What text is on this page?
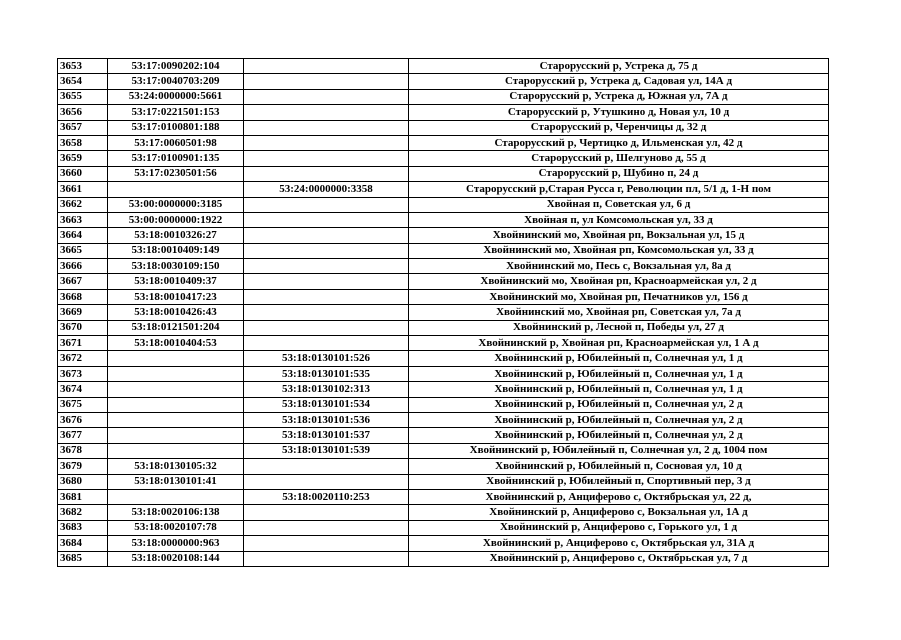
3653	53:17:0090202:104		Старорусский р, Устрека д, 75 д
3654	53:17:0040703:209		Старорусский р, Устрека д, Садовая ул, 14А д
3655	53:24:0000000:5661		Старорусский р, Устрека д, Южная ул, 7А д
3656	53:17:0221501:153		Старорусский р, Утушкино д, Новая ул, 10 д
3657	53:17:0100801:188		Старорусский р, Черенчицы д, 32 д
3658	53:17:0060501:98		Старорусский р, Чертицко д, Ильменская ул, 42 д
3659	53:17:0100901:135		Старорусский р, Шелгуново д, 55 д
3660	53:17:0230501:56		Старорусский р, Шубино п, 24 д
3661		53:24:0000000:3358	Старорусский р,Старая Русса г, Революции пл, 5/1 д, 1-Н пом
3662	53:00:0000000:3185		Хвойная п, Советская ул, 6 д
3663	53:00:0000000:1922		Хвойная п, ул Комсомольская ул, 33 д
3664	53:18:0010326:27		Хвойнинский мо, Хвойная рп, Вокзальная ул, 15 д
3665	53:18:0010409:149		Хвойнинский мо, Хвойная рп, Комсомольская ул, 33 д
3666	53:18:0030109:150		Хвойнинский мо, Песь с, Вокзальная ул, 8а д
3667	53:18:0010409:37		Хвойнинский мо, Хвойная рп, Красноармейская ул, 2 д
3668	53:18:0010417:23		Хвойнинский мо, Хвойная рп, Печатников ул, 156 д
3669	53:18:0010426:43		Хвойнинский мо, Хвойная рп, Советская ул, 7а д
3670	53:18:0121501:204		Хвойнинский р, Лесной п, Победы ул, 27 д
3671	53:18:0010404:53		Хвойнинский р, Хвойная рп, Красноармейская ул, 1 А д
3672		53:18:0130101:526	Хвойнинский р, Юбилейный п, Солнечная ул, 1 д
3673		53:18:0130101:535	Хвойнинский р, Юбилейный п, Солнечная ул, 1 д
3674		53:18:0130102:313	Хвойнинский р, Юбилейный п, Солнечная ул, 1 д
3675		53:18:0130101:534	Хвойнинский р, Юбилейный п, Солнечная ул, 2 д
3676		53:18:0130101:536	Хвойнинский р, Юбилейный п, Солнечная ул, 2 д
3677		53:18:0130101:537	Хвойнинский р, Юбилейный п, Солнечная ул, 2 д
3678		53:18:0130101:539	Хвойнинский р, Юбилейный п, Солнечная ул, 2 д, 1004 пом
3679	53:18:0130105:32		Хвойнинский р, Юбилейный п, Сосновая ул, 10 д
3680	53:18:0130101:41		Хвойнинский р, Юбилейный п, Спортивный пер, 3 д
3681		53:18:0020110:253	Хвойнинский р, Анциферово с, Октябрьская ул, 22 д,
3682	53:18:0020106:138		Хвойнинский р, Анциферово с, Вокзальная ул, 1А д
3683	53:18:0020107:78		Хвойнинский р, Анциферово с, Горького ул, 1 д
3684	53:18:0000000:963		Хвойнинский р, Анциферово с, Октябрьская ул, 31А д
3685	53:18:0020108:144		Хвойнинский р, Анциферово с, Октябрьская ул, 7 д
